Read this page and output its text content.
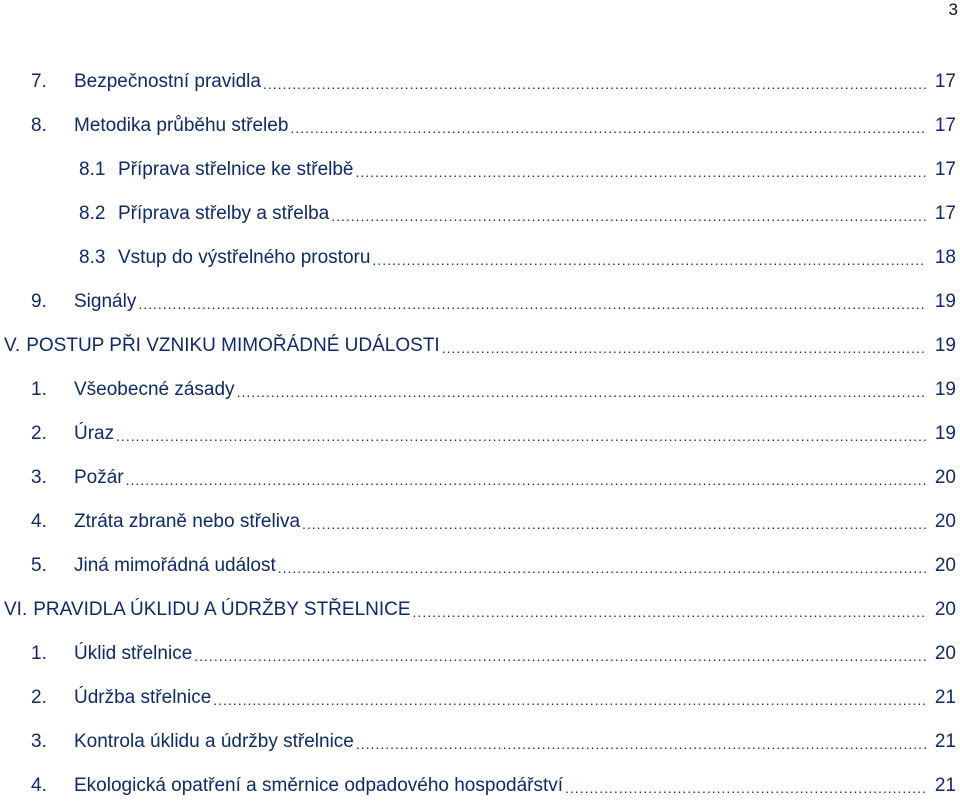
3
7.	Bezpečnostní pravidla .....	17
8.	Metodika průběhu střeleb .....	17
8.1 Příprava střelnice ke střelbě .....	17
8.2 Příprava střelby a střelba .....	17
8.3 Vstup do výstřelného prostoru .....	18
9.	Signály .....	19
V. POSTUP PŘI VZNIKU MIMOŘÁDNÉ UDÁLOSTI .....	19
1.	Všeobecné zásady .....	19
2.	Úraz .....	19
3.	Požár .....	20
4.	Ztráta zbraně nebo střeliva .....	20
5.	Jiná mimořádná událost .....	20
VI. PRAVIDLA ÚKLIDU A ÚDRŽBY STŘELNICE .....	20
1.	Úklid střelnice .....	20
2.	Údržba střelnice .....	21
3.	Kontrola úklidu a údržby střelnice .....	21
4.	Ekologická opatření a směrnice odpadového hospodářství .....	21
